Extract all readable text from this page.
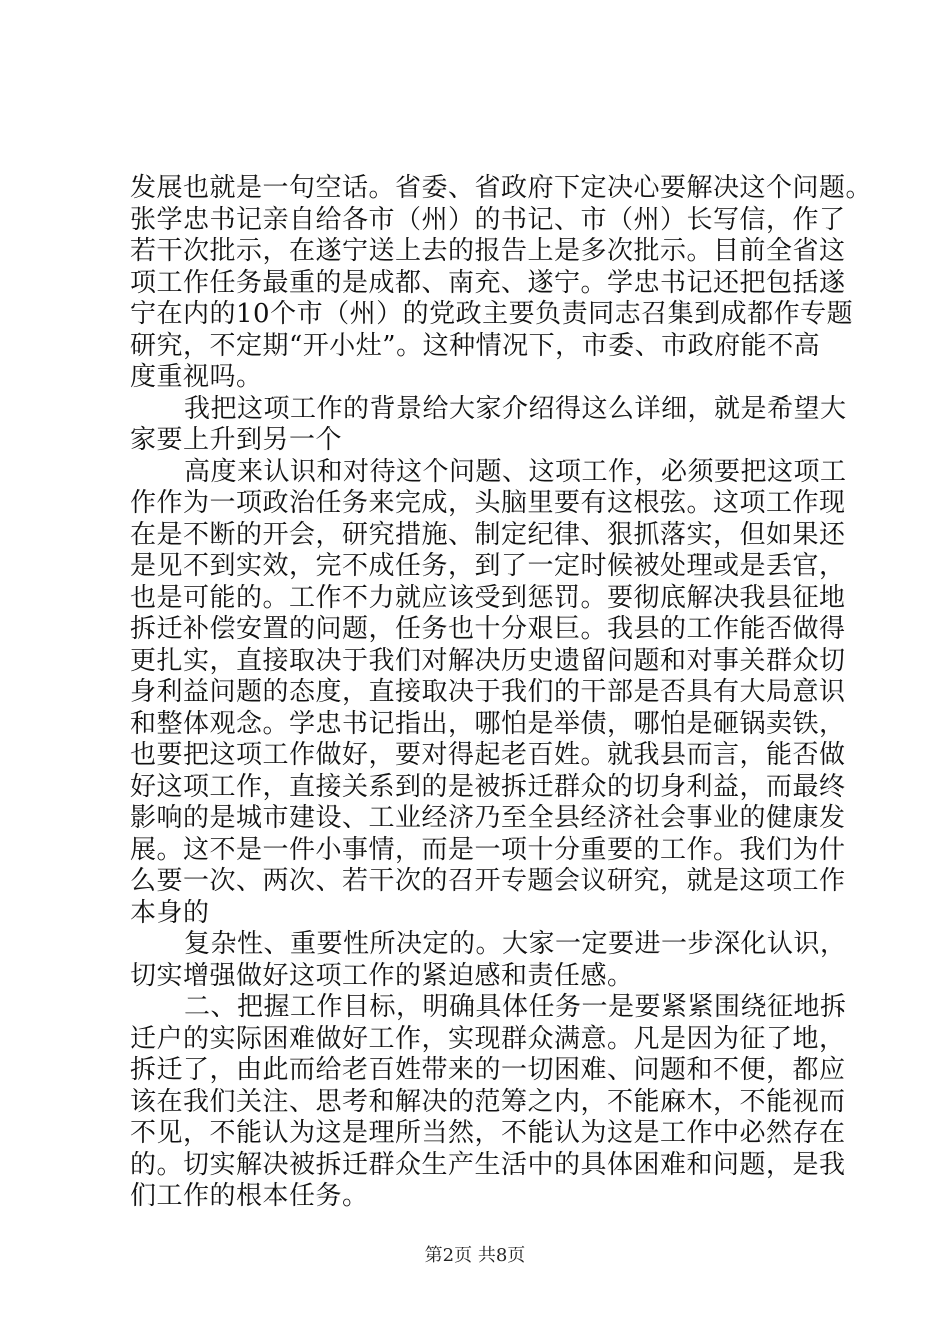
发展也就是一句空话。省委、省政府下定决心要解决这个问题。
张学忠书记亲自给各市（州）的书记、市（州）长写信，作了
若干次批示，在遂宁送上去的报告上是多次批示。目前全省这
项工作任务最重的是成都、南充、遂宁。学忠书记还把包括遂
宁在内的10个市（州）的党政主要负责同志召集到成都作专题
研究，不定期“开小灶”。这种情况下，市委、市政府能不高
度重视吗。
我把这项工作的背景给大家介绍得这么详细，就是希望大
家要上升到另一个
高度来认识和对待这个问题、这项工作，必须要把这项工
作作为一项政治任务来完成，头脑里要有这根弦。这项工作现
在是不断的开会，研究措施、制定纪律、狠抓落实，但如果还
是见不到实效，完不成任务，到了一定时候被处理或是丢官，
也是可能的。工作不力就应该受到惩罚。要彻底解决我县征地
拆迁补偿安置的问题，任务也十分艰巨。我县的工作能否做得
更扎实，直接取决于我们对解决历史遗留问题和对事关群众切
身利益问题的态度，直接取决于我们的干部是否具有大局意识
和整体观念。学忠书记指出，哪怕是举债，哪怕是砸锅卖铁，
也要把这项工作做好，要对得起老百姓。就我县而言，能否做
好这项工作，直接关系到的是被拆迁群众的切身利益，而最终
影响的是城市建设、工业经济乃至全县经济社会事业的健康发
展。这不是一件小事情，而是一项十分重要的工作。我们为什
么要一次、两次、若干次的召开专题会议研究，就是这项工作
本身的
复杂性、重要性所决定的。大家一定要进一步深化认识，
切实增强做好这项工作的紧迫感和责任感。
二、把握工作目标，明确具体任务一是要紧紧围绕征地拆
迁户的实际困难做好工作，实现群众满意。凡是因为征了地，
拆迁了，由此而给老百姓带来的一切困难、问题和不便，都应
该在我们关注、思考和解决的范筹之内，不能麻木，不能视而
不见，不能认为这是理所当然，不能认为这是工作中必然存在
的。切实解决被拆迁群众生产生活中的具体困难和问题，是我
们工作的根本任务。
第2页 共8页
